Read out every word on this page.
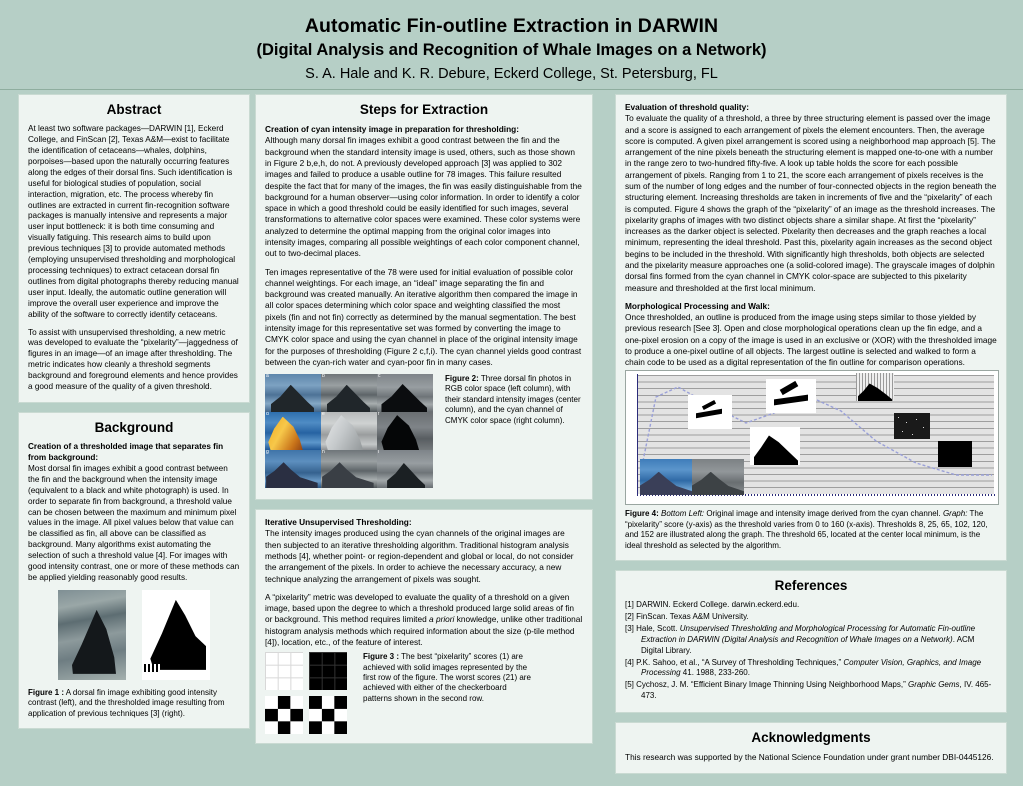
Automatic Fin-outline Extraction in DARWIN
(Digital Analysis and Recognition of Whale Images on a Network)
S. A. Hale and K. R. Debure, Eckerd College, St. Petersburg, FL
Abstract

At least two software packages—DARWIN [1], Eckerd College, and FinScan [2], Texas A&M—exist to facilitate the identification of cetaceans—whales, dolphins, porpoises—based upon the naturally occurring features along the edges of their dorsal fins. Such identification is useful for biological studies of population, social interaction, migration, etc. The process whereby fin outlines are extracted in current fin-recognition software packages is manually intensive and represents a major user input bottleneck: it is both time consuming and visually fatiguing. This research aims to build upon previous techniques [3] to provide automated methods (employing unsupervised thresholding and morphological processing techniques) to extract cetacean dorsal fin outlines from digital photographs thereby reducing manual user input. Ideally, the automatic outline generation will improve the overall user experience and improve the ability of the software to correctly identify cetaceans.

To assist with unsupervised thresholding, a new metric was developed to evaluate the “pixelarity”—jaggedness of figures in an image—of an image after thresholding. The metric indicates how cleanly a threshold segments background and foreground elements and hence provides a good measure of the quality of a given threshold.

Background

Creation of a thresholded image that separates fin from background:

Most dorsal fin images exhibit a good contrast between the fin and the background when the intensity image (equivalent to a black and white photograph) is used. In order to separate fin from background, a threshold value can be chosen between the maximum and minimum pixel values in the image. All pixel values below that value can be classified as fin, all above can be classified as background. Many algorithms exist automating the selection of such a threshold value [4]. For images with good intensity contrast, one or more of these methods can be applied yielding reasonably good results.

Figure 1 : A dorsal fin image exhibiting good intensity contrast (left), and the thresholded image resulting from application of previous techniques [3] (right).
Steps for Extraction

Creation of cyan intensity image in preparation for thresholding:

Although many dorsal fin images exhibit a good contrast between the fin and the background when the standard intensity image is used, others, such as those shown in Figure 2 b,e,h, do not. A previously developed approach [3] was applied to 302 images and failed to produce a usable outline for 78 images. This failure resulted despite the fact that for many of the images, the fin was easily distinguishable from the background for a human observer—using color information. In order to identify a color space in which a good threshold could be easily identified for such images, several transformations to alternative color spaces were examined. These color systems were analyzed to determine the optimal mapping from the original color images into intensity images, comparing all possible weightings of each color component channel, out to two-decimal places.

Ten images representative of the 78 were used for initial evaluation of possible color channel weightings. For each image, an “ideal” image separating the fin and background was created manually. An iterative algorithm then compared the image in all color spaces determining which color space and weighting classified the most pixels (fin and not fin) correctly as determined by the manual segmentation. The best intensity image for this representative set was formed by converting the image to CMYK color space and using the cyan channel in place of the original intensity image for the purposes of thresholding (Figure 2 c,f,i). The cyan channel yields good contrast between the cyan-rich water and cyan-poor fin in many cases.

a	b	c
d	e	f
g	h	i
Figure 2: Three dorsal fin photos in RGB color space (left column), with their standard intensity images (center column), and the cyan channel of CMYK color space (right column).

Iterative Unsupervised Thresholding:

The intensity images produced using the cyan channels of the original images are then subjected to an iterative thresholding algorithm. Traditional histogram analysis methods [4], whether point- or region-dependent and global or local, do not consider the arrangement of the pixels. In order to achieve the necessary accuracy, a new technique analyzing the arrangement of pixels was sought.

A “pixelarity” metric was developed to evaluate the quality of a threshold on a given image, based upon the degree to which a threshold produced large solid areas of fin or background. This method requires limited a priori knowledge, unlike other traditional histogram analysis methods which required information about the size (p-tile method [4]), location, etc., of the feature of interest.

Figure 3 : The best “pixelarity” scores (1) are achieved with solid images represented by the first row of the figure. The worst scores (21) are achieved with either of the checkerboard patterns shown in the second row.

Evaluation of threshold quality:

To evaluate the quality of a threshold, a three by three structuring element is passed over the image and a score is assigned to each arrangement of pixels the element encounters. Then, the average score is computed. A given pixel arrangement is scored using a neighborhood map approach [5]. The arrangement of the nine pixels beneath the structuring element is mapped one-to-one with a number in the range zero to two-hundred fifty-five. A look up table holds the score for each possible arrangement of pixels. Ranging from 1 to 21, the score each arrangement of pixels receives is the sum of the number of long edges and the number of four-connected objects in the region beneath the structuring element. Increasing thresholds are taken in increments of five and the “pixelarity” of each is computed. Figure 4 shows the graph of the “pixelarity” of an image as the threshold increases. The pixelarity graphs of images with two distinct objects share a similar shape. At first the “pixelarity” increases as the darker object is selected. Pixelarity then decreases and the graph reaches a local minimum, representing the ideal threshold. Past this, pixelarity again increases as the second object begins to be included in the threshold. With significantly high thresholds, both objects are selected and the pixelarity measure approaches one (a solid-colored image). The grayscale images of dolphin dorsal fins formed from the cyan channel in CMYK color-space are subjected to this pixelarity measure and thresholded at the first local minimum.

Morphological Processing and Walk:

Once thresholded, an outline is produced from the image using steps similar to those yielded by previous research [See 3]. Open and close morphological operations clean up the fin edge, and a one-pixel erosion on a copy of the image is used in an exclusive or (XOR) with the thresholded image to produce a one-pixel outline of all objects. The largest outline is selected and walked to form a chain code to be used as a digital representation of the fin outline for comparison operations.

Figure 4: Bottom Left: Original image and intensity image derived from the cyan channel. Graph: The “pixelarity” score (y-axis) as the threshold varies from 0 to 160 (x-axis). Thresholds 8, 25, 65, 102, 120, and 152 are illustrated along the graph. The threshold 65, located at the center local minimum, is the ideal threshold as selected by the algorithm.
References
[1] DARWIN. Eckerd College. darwin.eckerd.edu.
[2] FinScan. Texas A&M University.
[3] Hale, Scott. Unsupervised Thresholding and Morphological Processing for Automatic Fin-outline Extraction in DARWIN (Digital Analysis and Recognition of Whale Images on a Network). ACM Digital Library.
[4] P.K. Sahoo, et al., “A Survey of Thresholding Techniques,” Computer Vision, Graphics, and Image Processing 41. 1988, 233-260.
[5] Cychosz, J. M. “Efficient Binary Image Thinning Using Neighborhood Maps,” Graphic Gems, IV. 465-473.
Acknowledgments

This research was supported by the National Science Foundation under grant number DBI-0445126.
